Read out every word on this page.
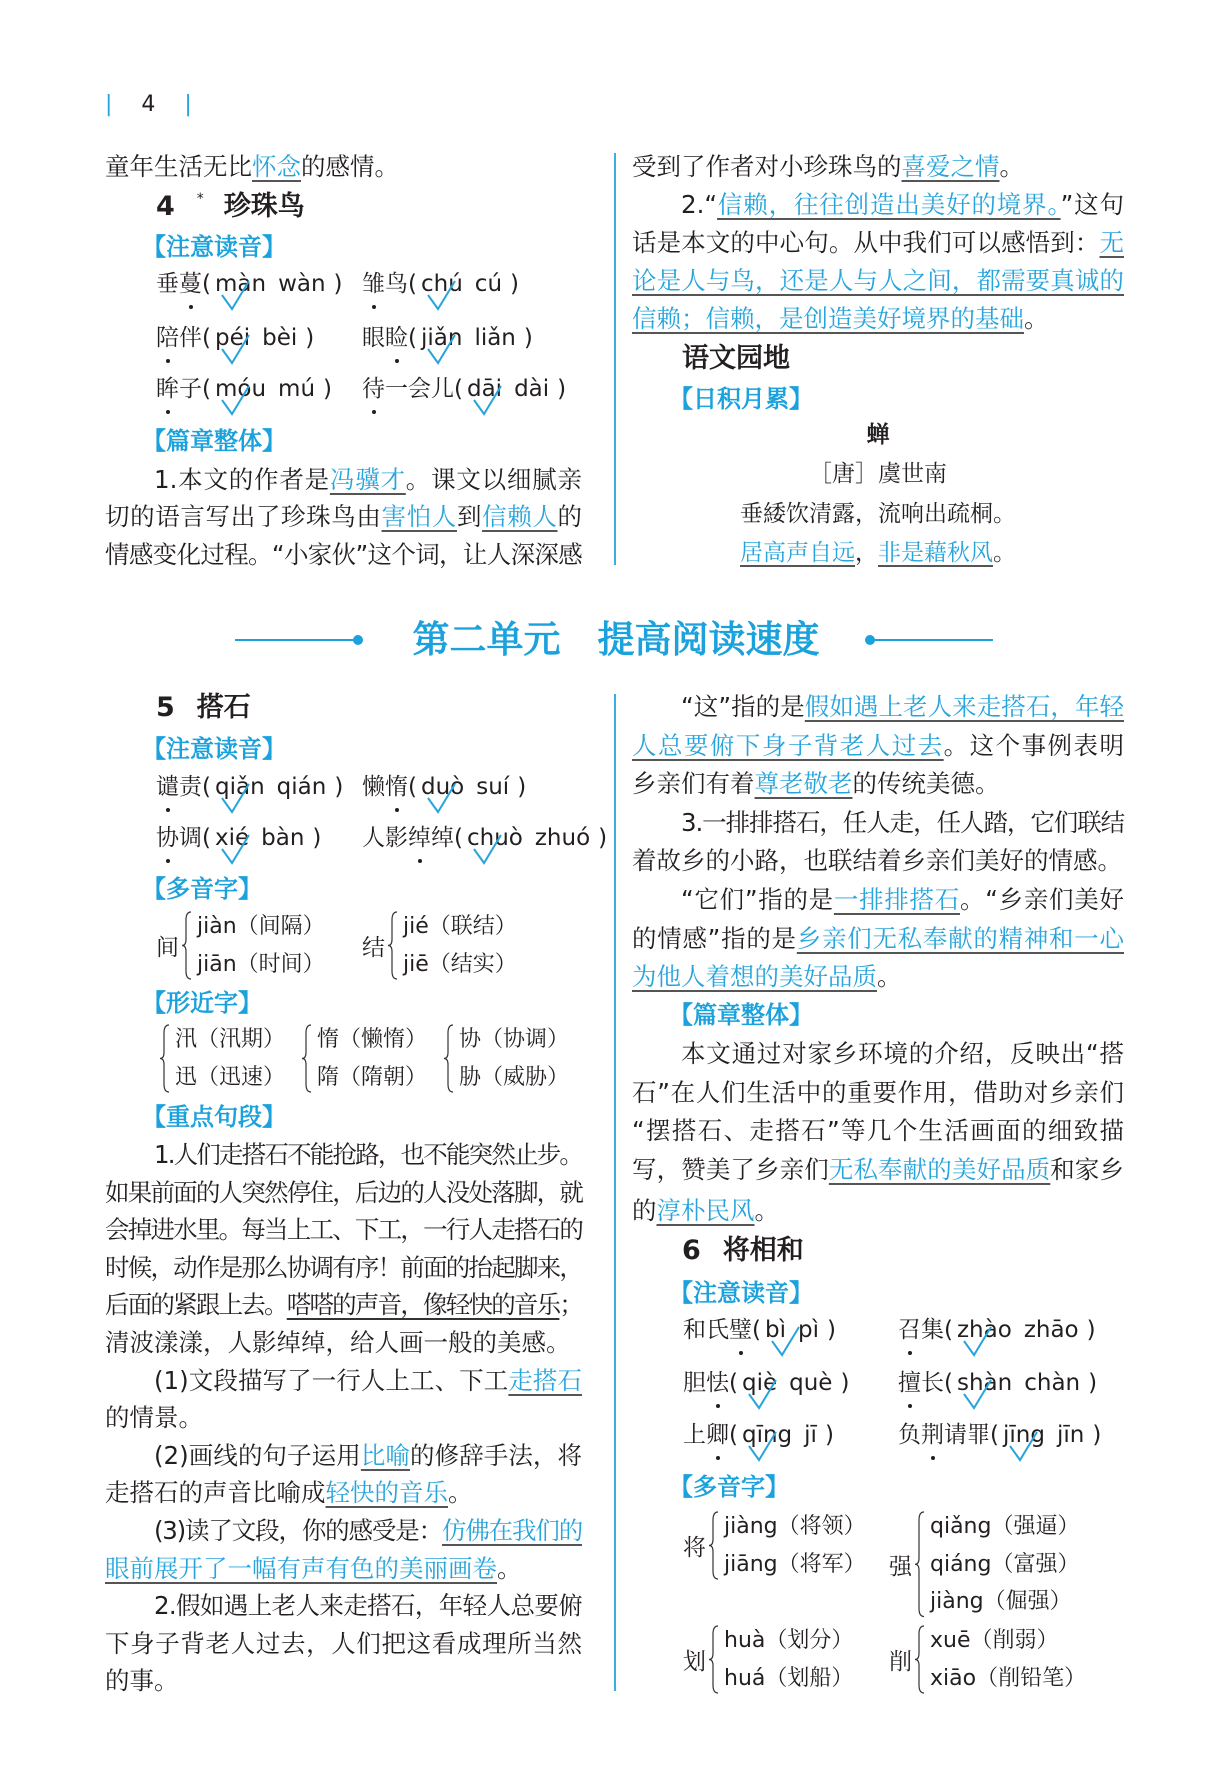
| 4 |
第二单元　提高阅读速度
童年生活无比怀念的感情。
4 * 珍珠鸟
【注意读音】
垂蔓
( màn wàn ) 雏鸟
( chú cú )
陪伴
( péi bèi ) 眼睑
( jiǎn liǎn )
眸子
( móu mú ) 待一会儿
( dāi dài )
【篇章整体】
1.本文的作者是冯骥才。课文以细腻亲
切的语言写出了珍珠鸟由害怕人到信赖人的
情感变化过程。“小家伙”这个词，让人深深感
受到了作者对小珍珠鸟的喜爱之情。
2.“信赖，往往创造出美好的境界。”这句
话是本文的中心句。从中我们可以感悟到：无
论是人与鸟，还是人与人之间，都需要真诚的
信赖；信赖，是创造美好境界的基础。
语文园地
【日积月累】
蝉
［唐］虞世南
垂緌饮清露，流响出疏桐。
居高声自远，非是藉秋风。
5 搭石
【注意读音】
谴责
( qiǎn qián ) 懒惰
( duò suí )
协调
( xié bàn ) 人影绰绰
( chuò zhuó )
【多音字】
间
jiàn（间隔）
jiān（时间）
结
jié（联结）
jiē（结实）
【形近字】
汛（汛期）
迅（迅速）
惰（懒惰）
隋（隋朝）
协（协调）
胁（威胁）
【重点句段】
1.人们走搭石不能抢路，也不能突然止步。
如果前面的人突然停住，后边的人没处落脚，就
会掉进水里。每当上工、下工，一行人走搭石的
时候，动作是那么协调有序！前面的抬起脚来，
后面的紧跟上去。嗒嗒的声音，像轻快的音乐；
清波漾漾，人影绰绰，给人画一般的美感。
(1)文段描写了一行人上工、下工走搭石
的情景。
(2)画线的句子运用比喻的修辞手法，将
走搭石的声音比喻成轻快的音乐。
(3)读了文段，你的感受是：仿佛在我们的
眼前展开了一幅有声有色的美丽画卷。
2.假如遇上老人来走搭石，年轻人总要俯
下身子背老人过去，人们把这看成理所当然
的事。
“这”指的是假如遇上老人来走搭石，年轻
人总要俯下身子背老人过去。这个事例表明
乡亲们有着尊老敬老的传统美德。
3.一排排搭石，任人走，任人踏，它们联结
着故乡的小路，也联结着乡亲们美好的情感。
“它们”指的是一排排搭石。“乡亲们美好
的情感”指的是乡亲们无私奉献的精神和一心
为他人着想的美好品质。
【篇章整体】
本文通过对家乡环境的介绍，反映出“搭
石”在人们生活中的重要作用，借助对乡亲们
“摆搭石、走搭石”等几个生活画面的细致描
写，赞美了乡亲们无私奉献的美好品质和家乡
的淳朴民风。
6 将相和
【注意读音】
和氏璧
( bì pì )	召集
( zhào zhāo )
胆怯
( qiè què ) 擅长
( shàn chàn )
上卿
( qīng jī )	负荆请罪
( jīng jīn )
【多音字】
将
jiàng（将领）
jiāng（将军） 强
qiǎng（强逼）
qiáng（富强）
jiàng（倔强）
划
huà（划分）
huá（划船）
削
xuē（削弱）
xiāo（削铅笔）
